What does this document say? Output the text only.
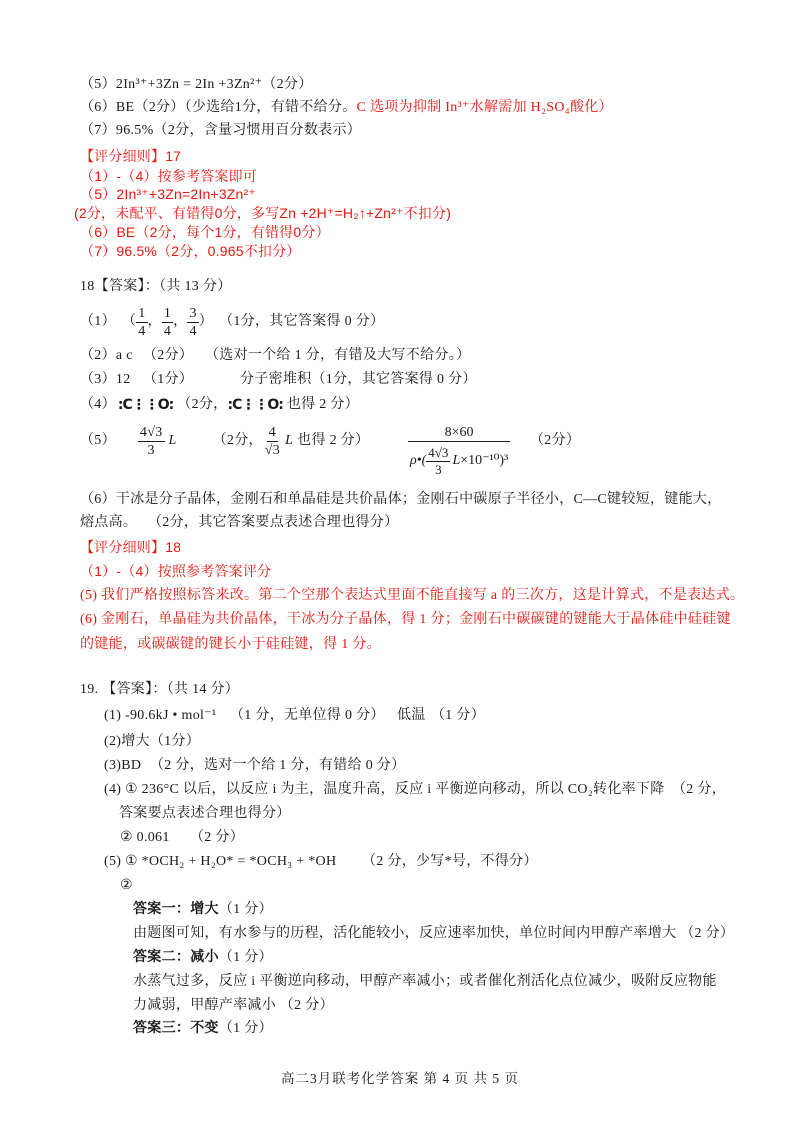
（5）2In³⁺+3Zn = 2In +3Zn²⁺（2分）
（6）BE（2分）（少选给1分，有错不给分。C 选项为抑制 In³⁺水解需加 H₂SO₄酸化）
（7）96.5%（2分，含量习惯用百分数表示）
【评分细则】17
（1）-（4）按参考答案即可
（5）2In³⁺+3Zn=2In+3Zn²⁺
(2分，未配平、有错得0分，多写Zn +2H⁺=H₂↑+Zn²⁺不扣分)
（6）BE（2分，每个1分，有错得0分）
（7）96.5%（2分，0.965不扣分）
18【答案】：（共 13 分）
（1） （ $\frac{1}{4}$ ， $\frac{1}{4}$ ， $\frac{3}{4}$ ） （1分，其它答案得 0 分）
（2）a c （2分） （选对一个给 1 分，有错及大写不给分。）
（3）12 （1分）	分子密堆积（1分，其它答案得 0 分）
（4） :C⋮⋮O: （2分， :C⋮⋮O: 也得 2 分）
$(5) \frac{4√3}{3}$ L	（2分， $\frac{4}{√3}$ L 也得 2 分）
8×60
ρ•( $\frac{4√3}{3}$ L ×10⁻¹⁰)³
（2分）
（6）干冰是分子晶体，金刚石和单晶硅是共价晶体；金刚石中碳原子半径小，C—C键较短，键能大，
熔点高。 （2分，其它答案要点表述合理也得分）
【评分细则】18
（1）-（4）按照参考答案评分
(5) 我们严格按照标答来改。第二个空那个表达式里面不能直接写 a 的三次方，这是计算式，不是表达式。
(6) 金刚石，单晶硅为共价晶体，干冰为分子晶体，得 1 分；金刚石中碳碳键的键能大于晶体硅中硅硅键
的键能，或碳碳键的键长小于硅硅键，得 1 分。
19. 【答案】：（共 14 分）
(1) -90.6kJ • mol⁻¹ （1 分，无单位得 0 分） 低温 （1 分）
(2)增大（1分）
(3)BD （2 分，选对一个给 1 分，有错给 0 分）
(4) ① 236°C 以后，以反应 i 为主，温度升高，反应 i 平衡逆向移动，所以 CO₂转化率下降 （2 分，
答案要点表述合理也得分）
② 0.061 （2 分）
(5) ① *OCH₂ + H₂O* = *OCH₃ + *OH （2 分，少写*号，不得分）
②
答案一：增大（1 分）
由题图可知，有水参与的历程，活化能较小，反应速率加快，单位时间内甲醇产率增大 （2 分）
答案二：减小（1 分）
水蒸气过多，反应 i 平衡逆向移动，甲醇产率减小；或者催化剂活化点位减少，吸附反应物能
力减弱，甲醇产率减小 （2 分）
答案三：不变（1 分）
高二3月联考化学答案 第 4 页 共 5 页
